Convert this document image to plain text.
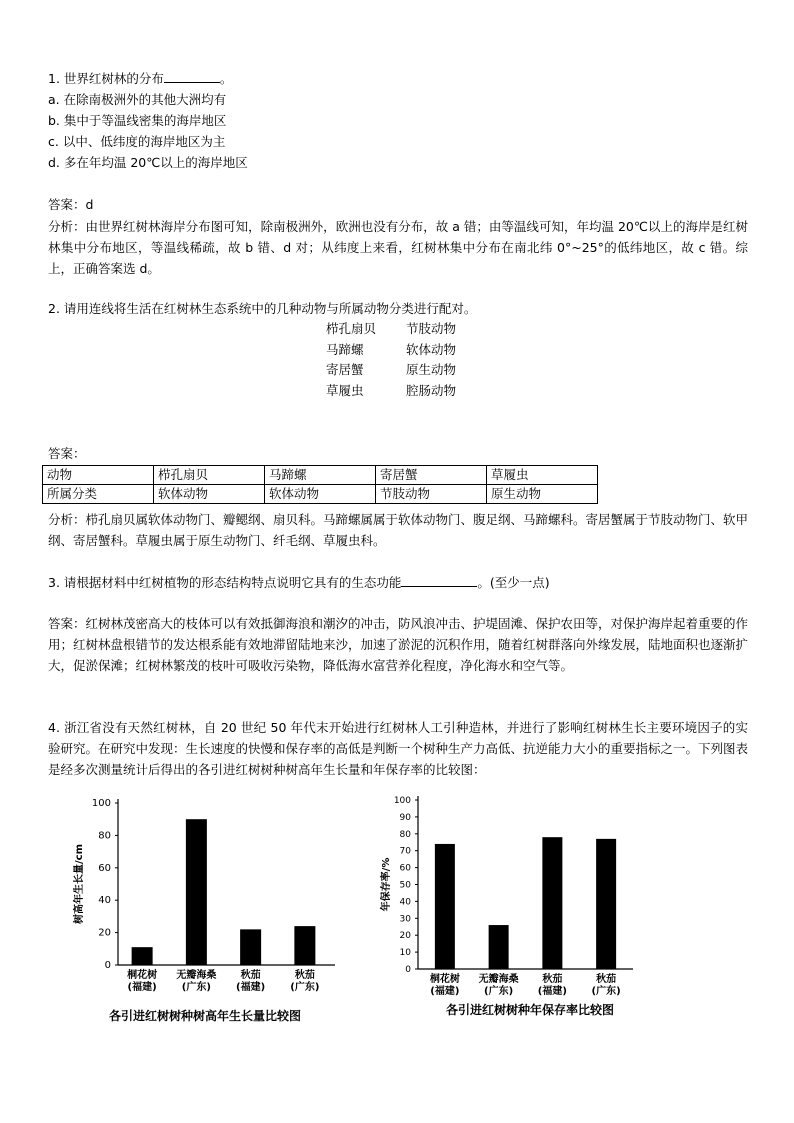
1. 世界红树林的分布	。
a. 在除南极洲外的其他大洲均有
b. 集中于等温线密集的海岸地区
c. 以中、低纬度的海岸地区为主
d. 多在年均温 20℃以上的海岸地区
答案：d
分析：由世界红树林海岸分布图可知，除南极洲外，欧洲也没有分布，故 a 错；由等温线可知，年均温 20℃以上的海岸是红树林集中分布地区，等温线稀疏，故 b 错、d 对；从纬度上来看，红树林集中分布在南北纬 0°~25°的低纬地区，故 c 错。综上，正确答案选 d。
2. 请用连线将生活在红树林生态系统中的几种动物与所属动物分类进行配对。
栉孔扇贝 节肢动物
马蹄螺	软体动物
寄居蟹	原生动物
草履虫	腔肠动物
答案：
动物	栉孔扇贝	马蹄螺	寄居蟹	草履虫
所属分类	软体动物	软体动物	节肢动物	原生动物
分析：栉孔扇贝属软体动物门、瓣鳃纲、扇贝科。马蹄螺属属于软体动物门、腹足纲、马蹄螺科。寄居蟹属于节肢动物门、软甲纲、寄居蟹科。草履虫属于原生动物门、纤毛纲、草履虫科。
3. 请根据材料中红树植物的形态结构特点说明它具有的生态功能	。(至少一点)
答案：红树林茂密高大的枝体可以有效抵御海浪和潮汐的冲击，防风浪冲击、护堤固滩、保护农田等，对保护海岸起着重要的作用；红树林盘根错节的发达根系能有效地滞留陆地来沙，加速了淤泥的沉积作用，随着红树群落向外缘发展，陆地面积也逐渐扩大，促淤保滩；红树林繁茂的枝叶可吸收污染物，降低海水富营养化程度，净化海水和空气等。
4. 浙江省没有天然红树林，自 20 世纪 50 年代末开始进行红树林人工引种造林，并进行了影响红树林生长主要环境因子的实验研究。在研究中发现：生长速度的快慢和保存率的高低是判断一个树种生产力高低、抗逆能力大小的重要指标之一。下列图表是经多次测量统计后得出的各引进红树树种树高年生长量和年保存率的比较图：
0
20
40
60
80
100
树高年生长量/cm
桐花树
(福建)
无瓣海桑
(广东)
秋茄
(福建)
秋茄
(广东)
各引进红树树种树高年生长量比较图
0
10
20
30
40
50
60
70
80
90
100
年保存率/%
桐花树
(福建)
无瓣海桑
(广东)
秋茄
(福建)
秋茄
(广东)
各引进红树树种年保存率比较图
